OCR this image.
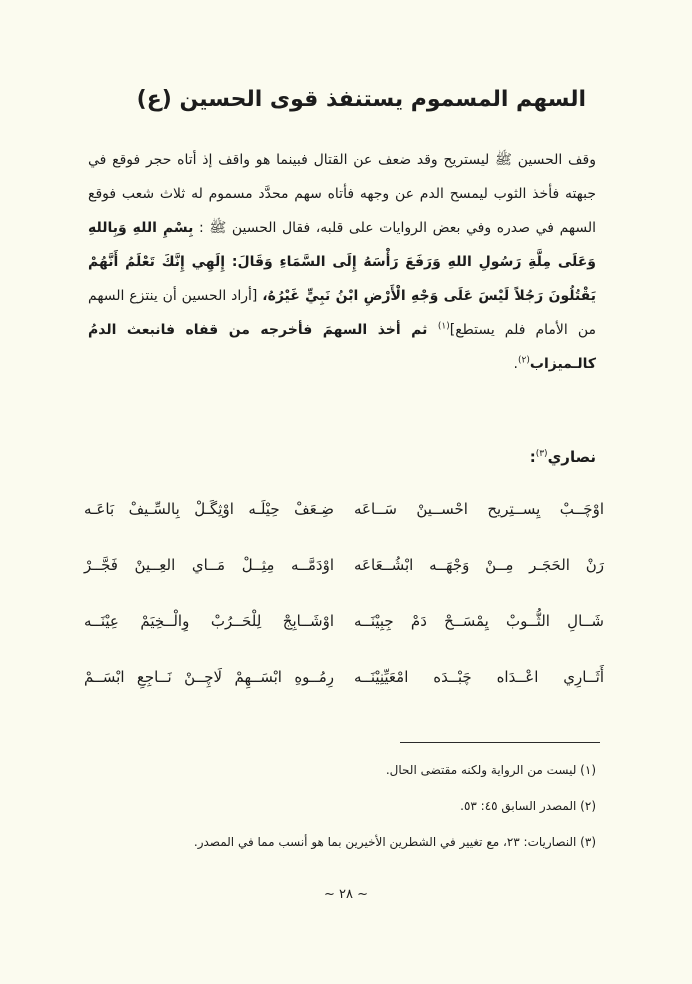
السهم المسموم يستنفذ قوى الحسين (ع)

وقف الحسين ﷺ ليستريح وقد ضعف عن القتال فبينما هو واقف إذ أتاه حجر فوقع في جبهته فأخذ الثوب ليمسح الدم عن وجهه فأتاه سهم محدَّد مسموم له ثلاث شعب فوقع السهم في صدره وفي بعض الروايات على قلبه، فقال الحسين ﷺ : بِسْمِ اللهِ وَبِاللهِ وَعَلَى مِلَّةِ رَسُولِ اللهِ وَرَفَعَ رَأْسَهُ إِلَى السَّمَاءِ وَقَالَ: إِلَهِي إِنَّكَ تَعْلَمُ أَنَّهُمْ يَقْتُلُونَ رَجُلاً لَيْسَ عَلَى وَجْهِ الْأَرْضِ ابْنُ نَبِيٍّ غَيْرُهُ، [أراد الحسين أن ينتزع السهم من الأمام فلم يستطع]$^{(١)}$ ثم أخذ السهمَ فأخرجه من قفاه فانبعث الدمُ كالـميزاب$^{(٢)}$.

نصاري$^{(٣)}$:

اوْچَــبْ يِســتِريح احْســينْ سَــاعَه
ضِـعَفْ حِيْلَـه اوْثِگَـلْ بِالسِّـيفْ بَاعَـه
رَنْ الحَجَـر مِــنْ وَجْهَــه ابْشُــعَاعَه
اوْدَمَّــه مِثِــلْ مَــاي العِــينْ فَجَّــرْ
شَــالِ الثُّــوبْ يِمْسَــحْ دَمْ جِبِيْنَــه
اوْشَــابِجْ لِلْحَــرُبْ وِالْــخِيَمْ عِيْنَــه
أَثَــارِي اعْــدَاه چَبْــدَه امْعَيِّنِيْنَــه
رِمُــوهِ ابْسَــهِمْ لَاچِــنْ نَــاجِعِ ابْسَــمْ
(١) ليست من الرواية ولكنه مقتضى الحال.
(٢) المصدر السابق ٤٥: ٥٣.
(٣) النصاريات: ٢٣، مع تغيير في الشطرين الأخيرين بما هو أنسب مما في المصدر.
~ ٢٨ ~
